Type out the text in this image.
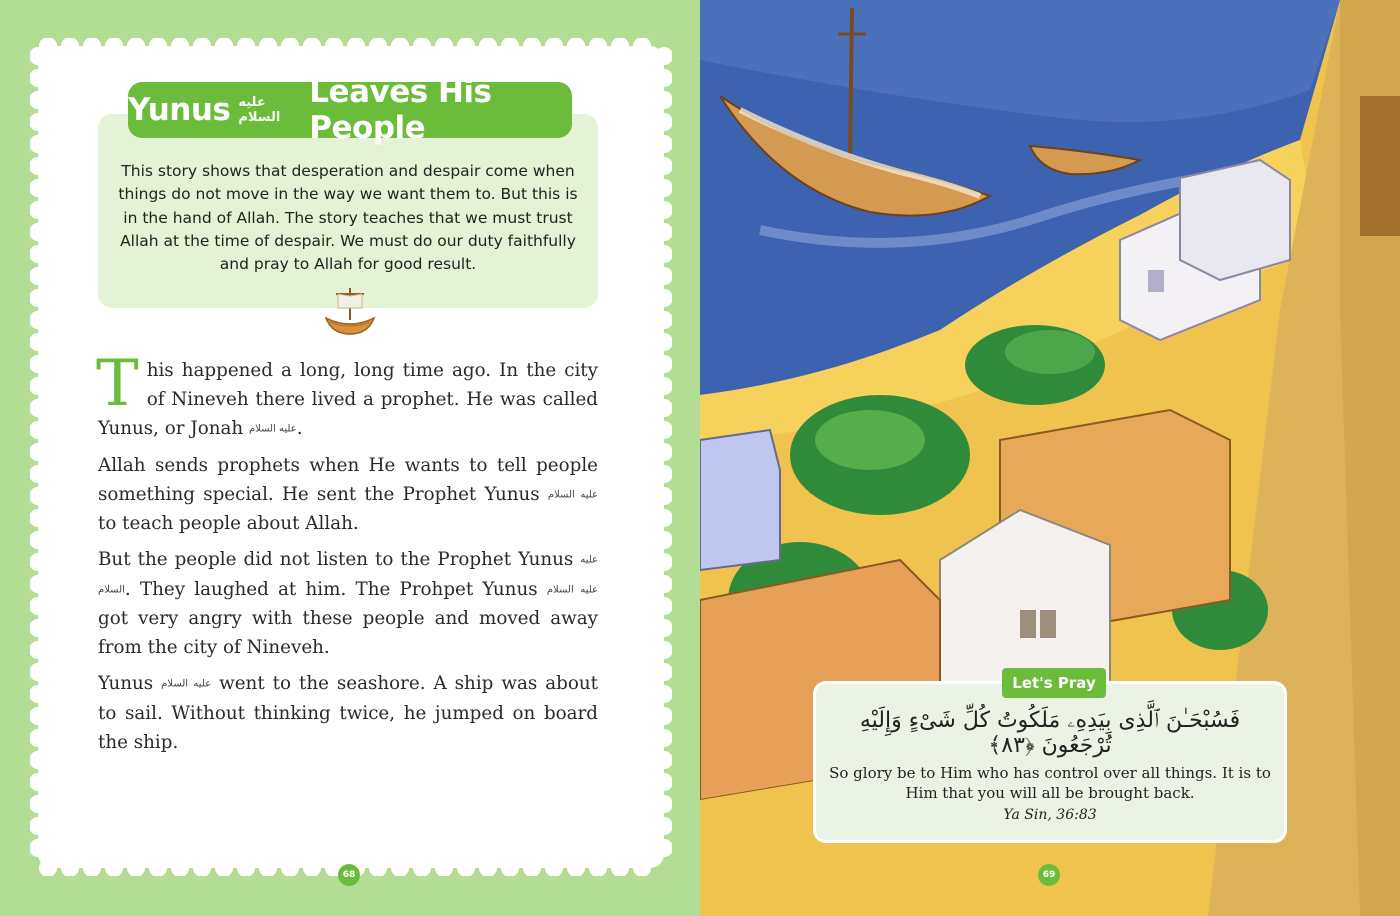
Yunus عليه السلام
Leaves His People
This story shows that desperation and despair come when things do not move in the way we want them to. But this is in the hand of Allah. The story teaches that we must trust Allah at the time of despair. We must do our duty faithfully and pray to Allah for good result.

This happened a long, long time ago. In the city of Nineveh there lived a prophet. He was called Yunus, or Jonah عليه السلام.

Allah sends prophets when He wants to tell people something special. He sent the Prophet Yunus عليه السلام to teach people about Allah.

But the people did not listen to the Prophet Yunus عليه السلام. They laughed at him. The Prohpet Yunus عليه السلام got very angry with these people and moved away from the city of Nineveh.

Yunus عليه السلام went to the seashore. A ship was about to sail. Without thinking twice, he jumped on board the ship.

68
Let's Pray
فَسُبْحَـٰنَ ٱلَّذِى بِيَدِهِۦ مَلَكُوتُ كُلِّ شَىْءٍ وَإِلَيْهِ تُرْجَعُونَ ﴿٨٣﴾
So glory be to Him who has control over all things. It is to Him that you will all be brought back.
Ya Sin, 36:83
69
